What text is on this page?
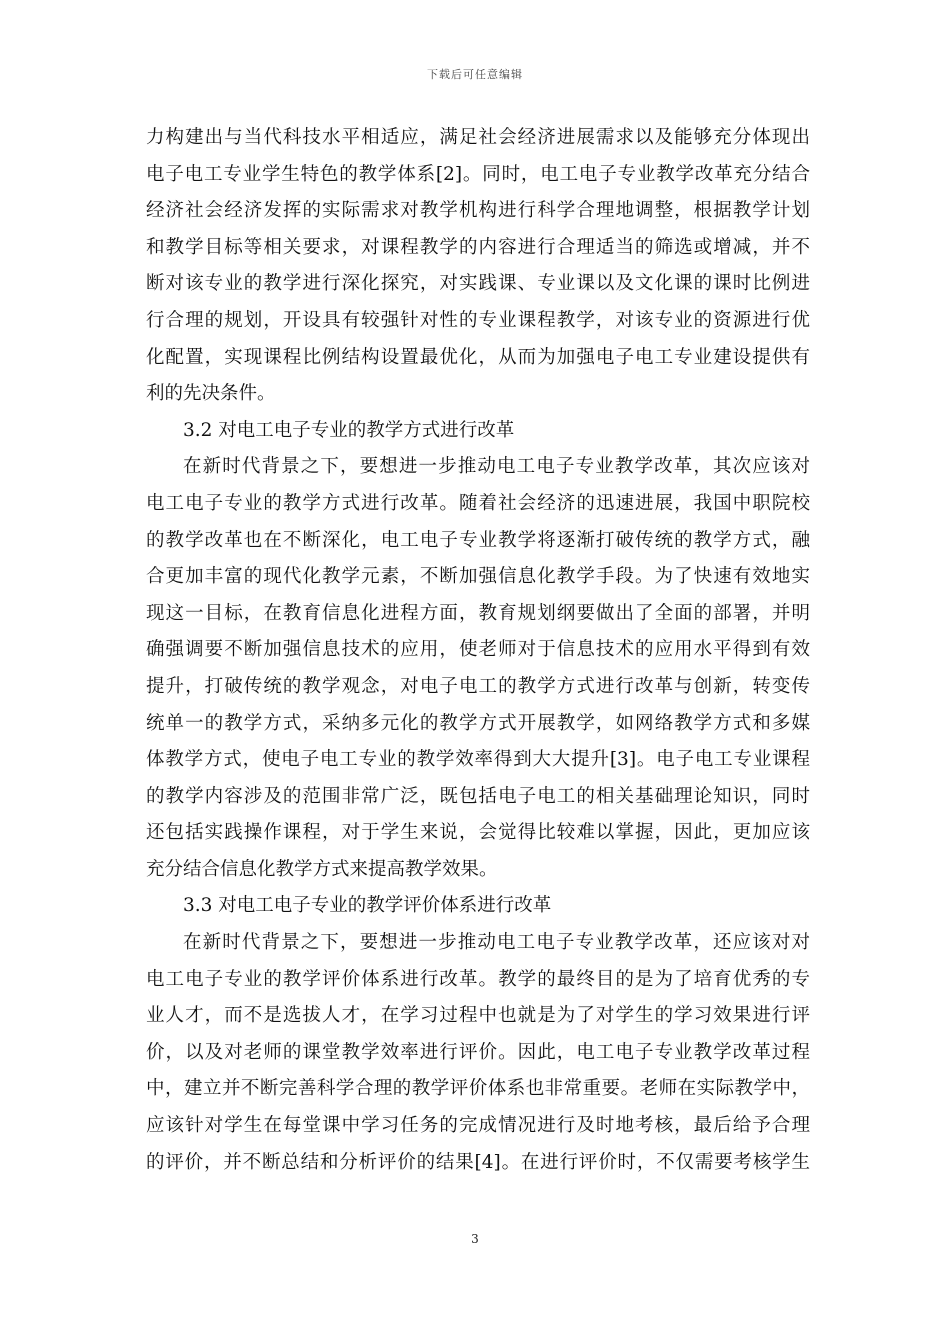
下载后可任意编辑
力构建出与当代科技水平相适应，满足社会经济进展需求以及能够充分体现出
电子电工专业学生特色的教学体系[2]。同时，电工电子专业教学改革充分结合
经济社会经济发挥的实际需求对教学机构进行科学合理地调整，根据教学计划
和教学目标等相关要求，对课程教学的内容进行合理适当的筛选或增减，并不
断对该专业的教学进行深化探究，对实践课、专业课以及文化课的课时比例进
行合理的规划，开设具有较强针对性的专业课程教学，对该专业的资源进行优
化配置，实现课程比例结构设置最优化，从而为加强电子电工专业建设提供有
利的先决条件。
3.2 对电工电子专业的教学方式进行改革
在新时代背景之下，要想进一步推动电工电子专业教学改革，其次应该对
电工电子专业的教学方式进行改革。随着社会经济的迅速进展，我国中职院校
的教学改革也在不断深化，电工电子专业教学将逐渐打破传统的教学方式，融
合更加丰富的现代化教学元素，不断加强信息化教学手段。为了快速有效地实
现这一目标，在教育信息化进程方面，教育规划纲要做出了全面的部署，并明
确强调要不断加强信息技术的应用，使老师对于信息技术的应用水平得到有效
提升，打破传统的教学观念，对电子电工的教学方式进行改革与创新，转变传
统单一的教学方式，采纳多元化的教学方式开展教学，如网络教学方式和多媒
体教学方式，使电子电工专业的教学效率得到大大提升[3]。电子电工专业课程
的教学内容涉及的范围非常广泛，既包括电子电工的相关基础理论知识，同时
还包括实践操作课程，对于学生来说，会觉得比较难以掌握，因此，更加应该
充分结合信息化教学方式来提高教学效果。
3.3 对电工电子专业的教学评价体系进行改革
在新时代背景之下，要想进一步推动电工电子专业教学改革，还应该对对
电工电子专业的教学评价体系进行改革。教学的最终目的是为了培育优秀的专
业人才，而不是选拔人才，在学习过程中也就是为了对学生的学习效果进行评
价，以及对老师的课堂教学效率进行评价。因此，电工电子专业教学改革过程
中，建立并不断完善科学合理的教学评价体系也非常重要。老师在实际教学中，
应该针对学生在每堂课中学习任务的完成情况进行及时地考核，最后给予合理
的评价，并不断总结和分析评价的结果[4]。在进行评价时，不仅需要考核学生
3
